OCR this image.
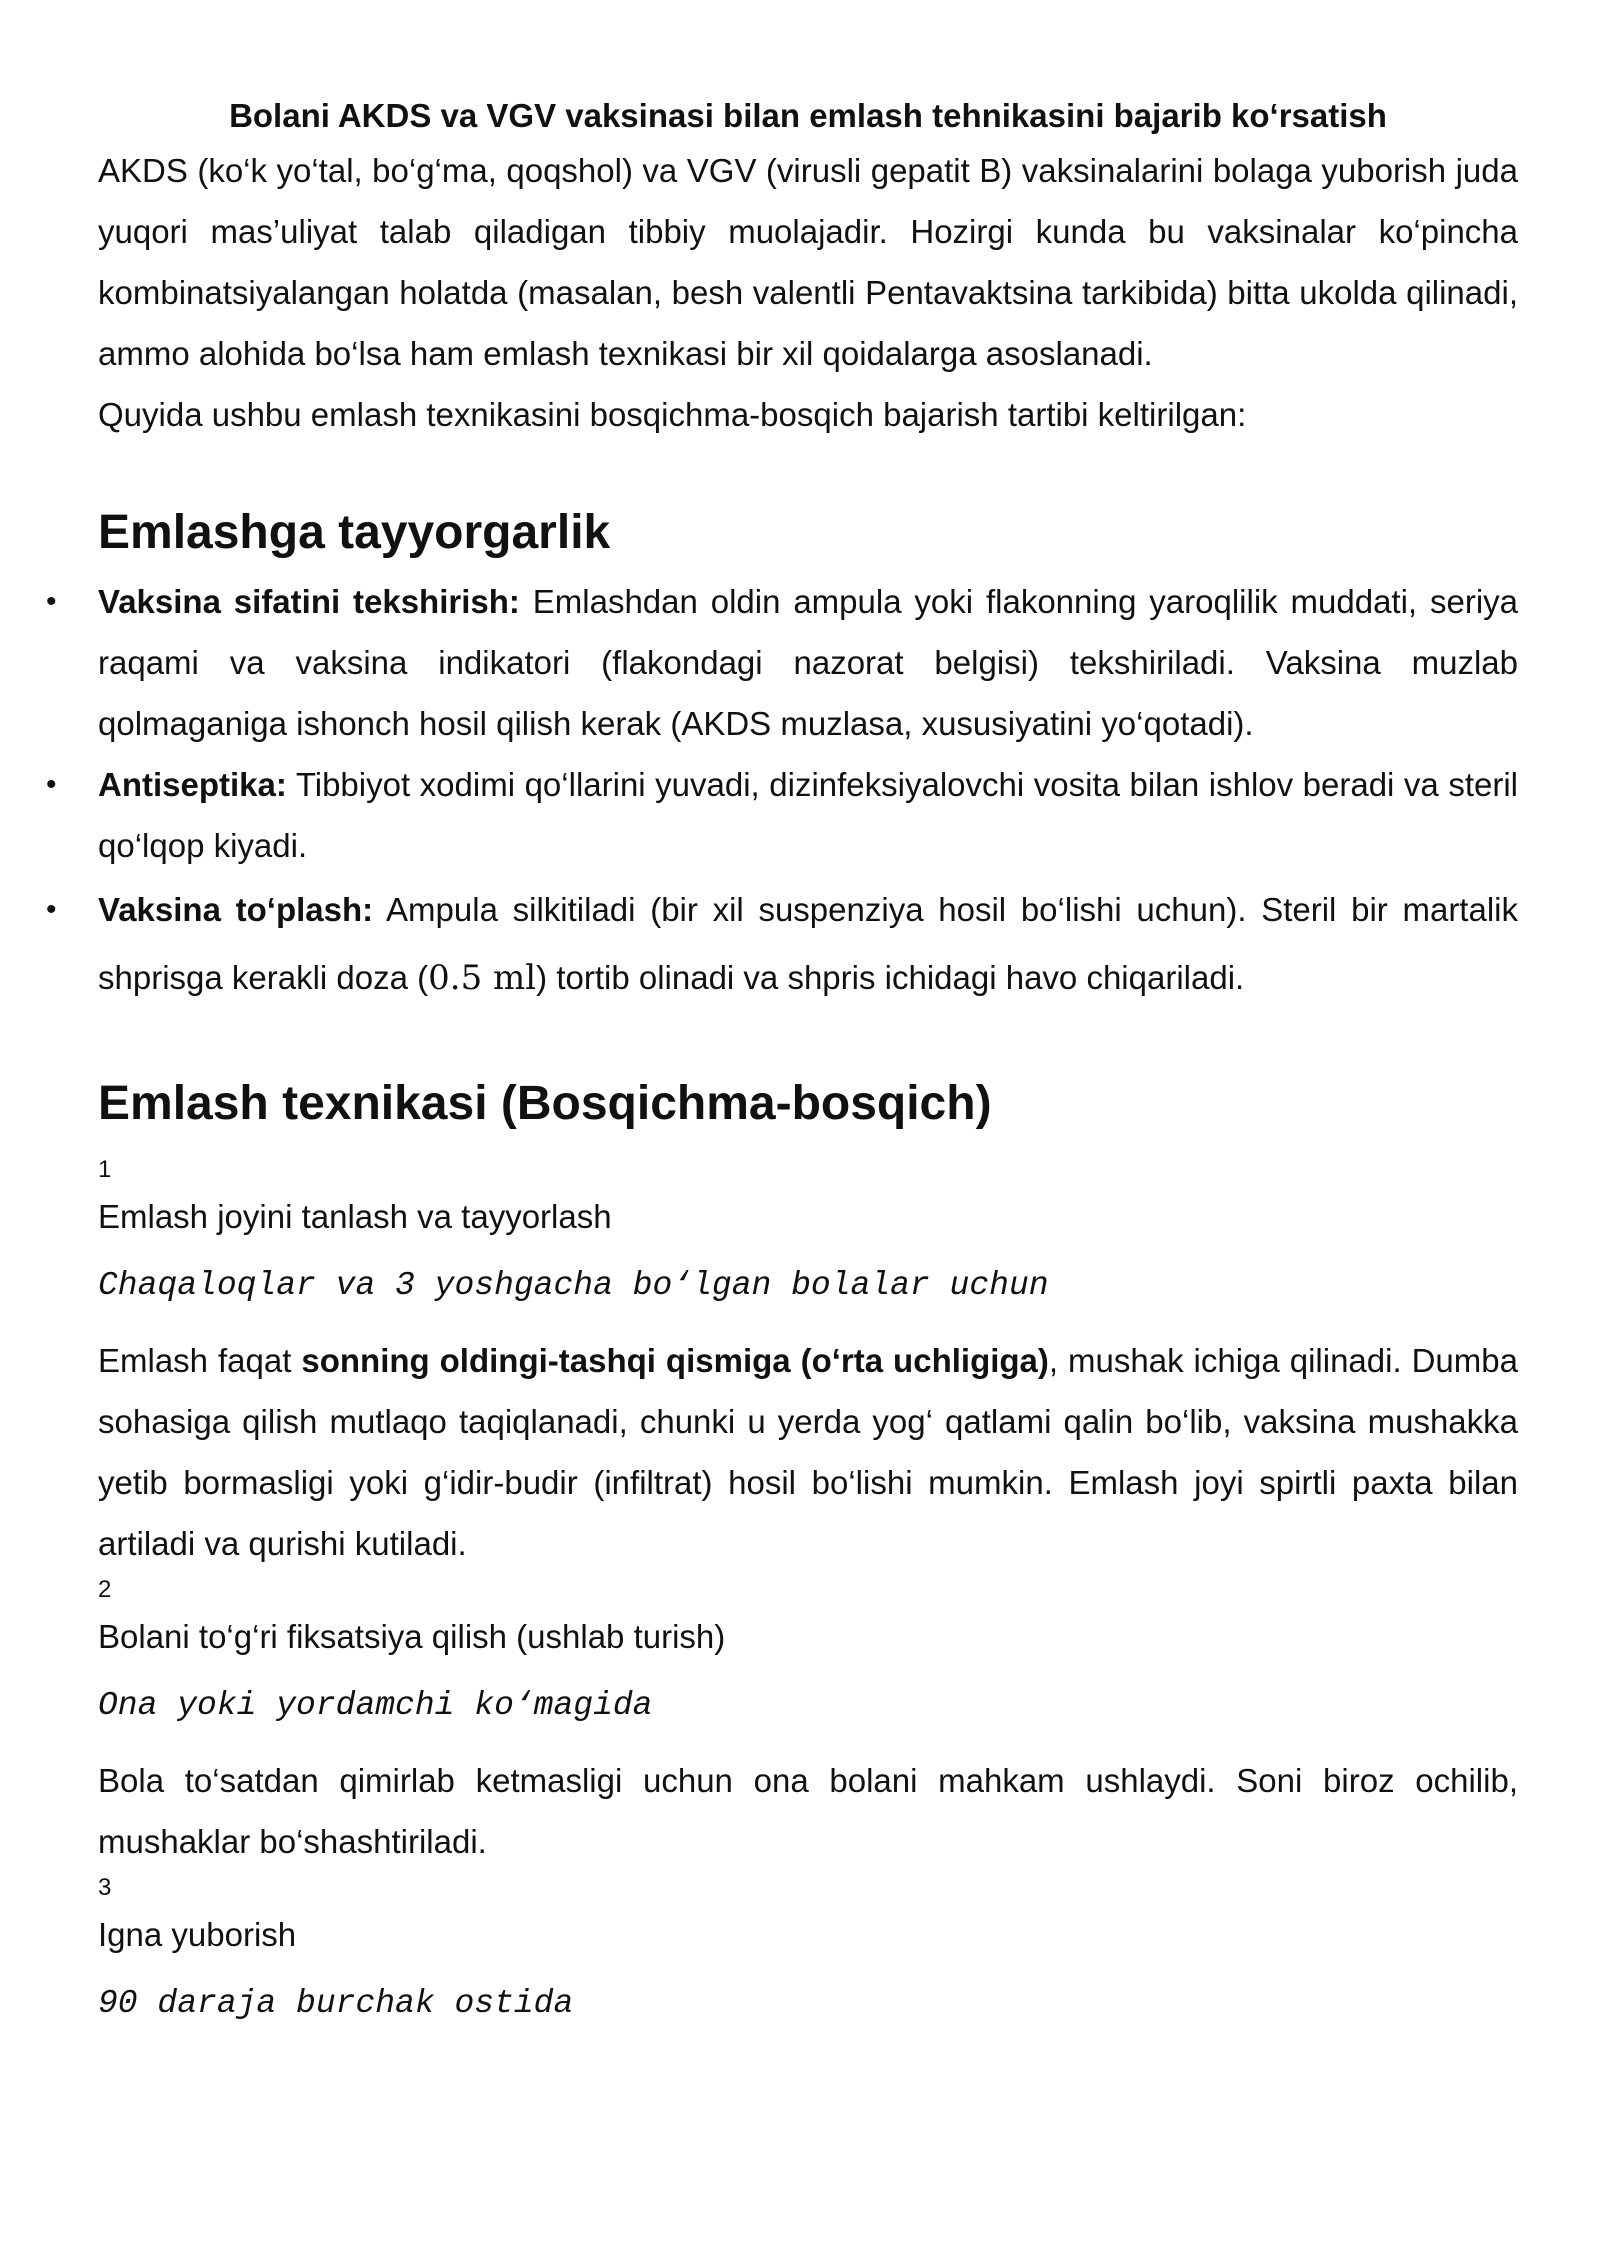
Bolani AKDS va VGV vaksinasi bilan emlash tehnikasini bajarib ko‘rsatish

AKDS (ko‘k yo‘tal, bo‘g‘ma, qoqshol) va VGV (virusli gepatit B) vaksinalarini bolaga yuborish juda yuqori mas’uliyat talab qiladigan tibbiy muolajadir. Hozirgi kunda bu vaksinalar ko‘pincha kombinatsiyalangan holatda (masalan, besh valentli Pentavaktsina tarkibida) bitta ukolda qilinadi, ammo alohida bo‘lsa ham emlash texnikasi bir xil qoidalarga asoslanadi.

Quyida ushbu emlash texnikasini bosqichma-bosqich bajarish tartibi keltirilgan:

Emlashga tayyorgarlik
• Vaksina sifatini tekshirish: Emlashdan oldin ampula yoki flakonning yaroqlilik muddati, seriya raqami va vaksina indikatori (flakondagi nazorat belgisi) tekshiriladi. Vaksina muzlab qolmaganiga ishonch hosil qilish kerak (AKDS muzlasa, xususiyatini yo‘qotadi).
• Antiseptika: Tibbiyot xodimi qo‘llarini yuvadi, dizinfeksiyalovchi vosita bilan ishlov beradi va steril qo‘lqop kiyadi.
• Vaksina to‘plash: Ampula silkitiladi (bir xil suspenziya hosil bo‘lishi uchun). Steril bir martalik shprisga kerakli doza (0.5 ml) tortib olinadi va shpris ichidagi havo chiqariladi.
Emlash texnikasi (Bosqichma-bosqich)

1

Emlash joyini tanlash va tayyorlash

Chaqaloqlar va 3 yoshgacha bo‘lgan bolalar uchun

Emlash faqat sonning oldingi-tashqi qismiga (o‘rta uchligiga), mushak ichiga qilinadi. Dumba sohasiga qilish mutlaqo taqiqlanadi, chunki u yerda yog‘ qatlami qalin bo‘lib, vaksina mushakka yetib bormasligi yoki g‘idir-budir (infiltrat) hosil bo‘lishi mumkin. Emlash joyi spirtli paxta bilan artiladi va qurishi kutiladi.

2

Bolani to‘g‘ri fiksatsiya qilish (ushlab turish)

Ona yoki yordamchi ko‘magida

Bola to‘satdan qimirlab ketmasligi uchun ona bolani mahkam ushlaydi. Soni biroz ochilib, mushaklar bo‘shashtiriladi.

3

Igna yuborish

90 daraja burchak ostida
